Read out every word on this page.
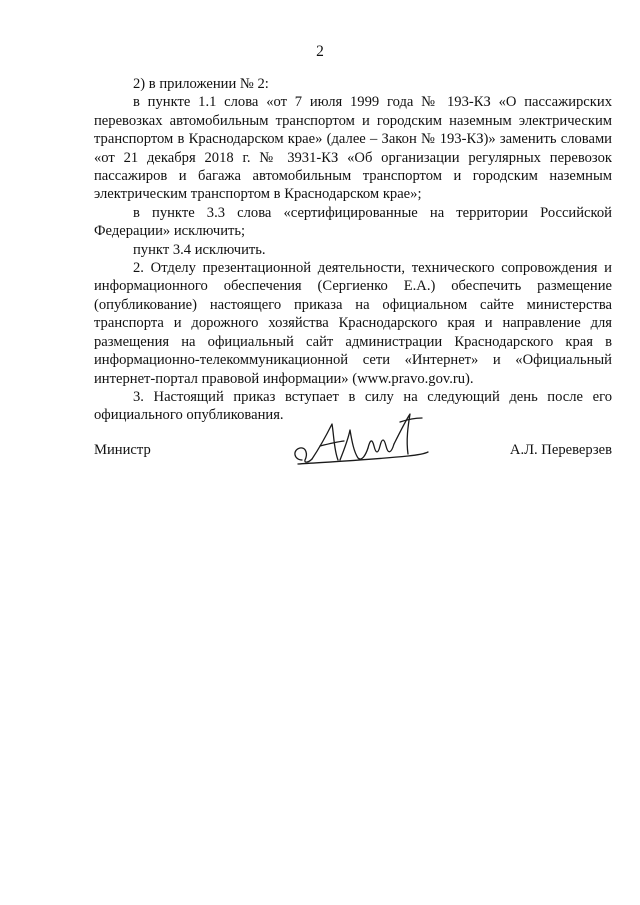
2

2) в приложении № 2:

в пункте 1.1 слова «от 7 июля 1999 года № 193-КЗ «О пассажирских перевозках автомобильным транспортом и городским наземным электрическим транспортом в Краснодарском крае» (далее – Закон № 193-КЗ)» заменить словами «от 21 декабря 2018 г. № 3931-КЗ «Об организации регулярных перевозок пассажиров и багажа автомобильным транспортом и городским наземным электрическим транспортом в Краснодарском крае»;

в пункте 3.3 слова «сертифицированные на территории Российской Федерации» исключить;

пункт 3.4 исключить.

2. Отделу презентационной деятельности, технического сопровождения и информационного обеспечения (Сергиенко Е.А.) обеспечить размещение (опубликование) настоящего приказа на официальном сайте министерства транспорта и дорожного хозяйства Краснодарского края и направление для размещения на официальный сайт администрации Краснодарского края в информационно-телекоммуникационной сети «Интернет» и «Официальный интернет-портал правовой информации» (www.pravo.gov.ru).

3. Настоящий приказ вступает в силу на следующий день после его официального опубликования.

Министр	А.Л. Переверзев
